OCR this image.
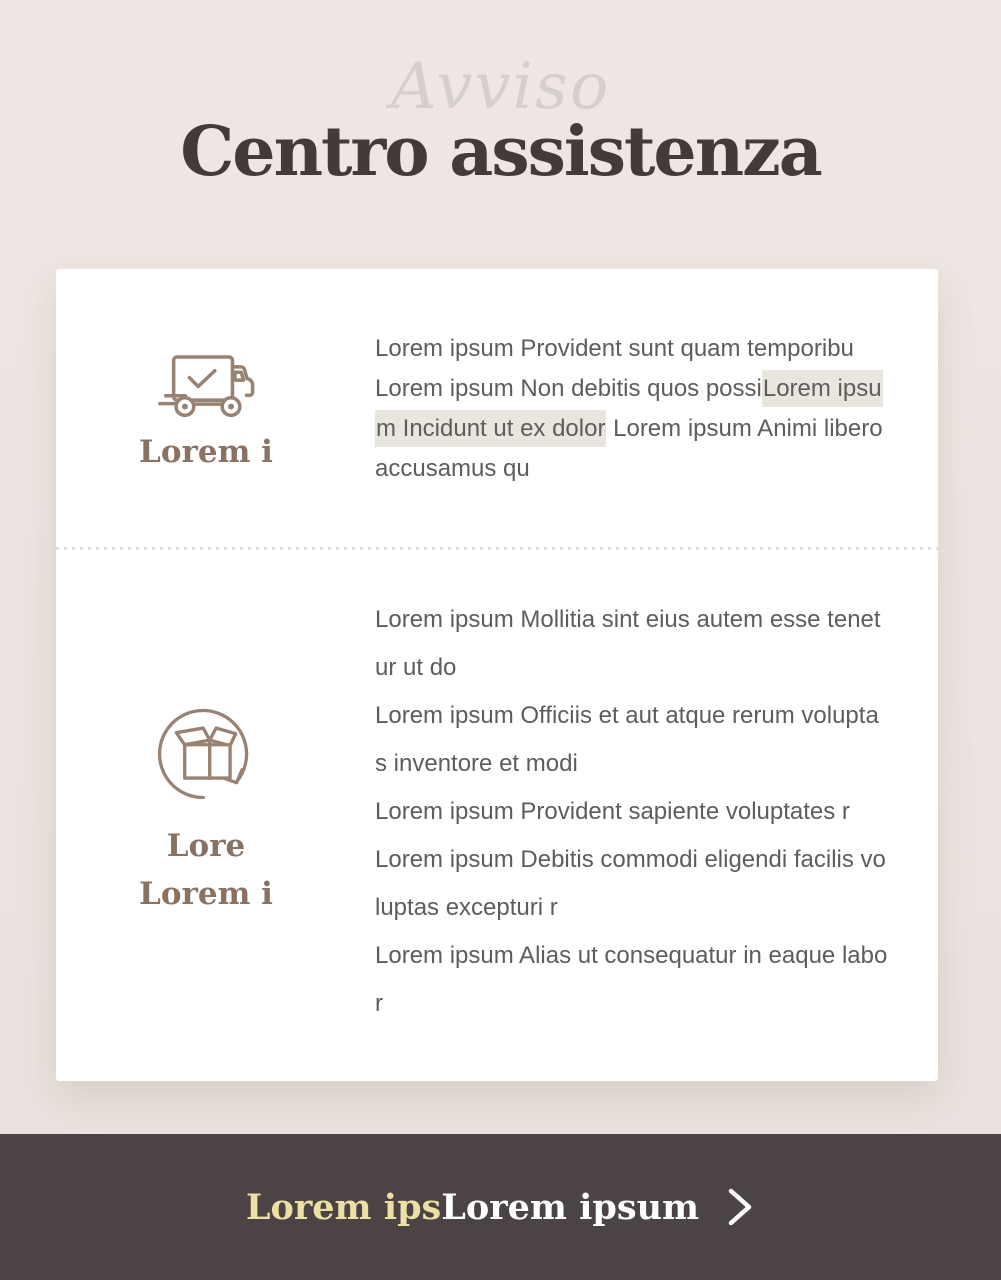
Avviso
Centro assistenza
Lorem i
Lorem ipsum Provident sunt quam temporibu
Lorem ipsum Non debitis quos possiLorem ipsu
m Incidunt ut ex dolor Lorem ipsum Animi libero
accusamus qu
Lore
Lorem i
Lorem ipsum Mollitia sint eius autem esse tenet
ur ut do
Lorem ipsum Officiis et aut atque rerum volupta
s inventore et modi
Lorem ipsum Provident sapiente voluptates r
Lorem ipsum Debitis commodi eligendi facilis vo
luptas excepturi r
Lorem ipsum Alias ut consequatur in eaque labo
r
Lorem ips Lorem ipsum
